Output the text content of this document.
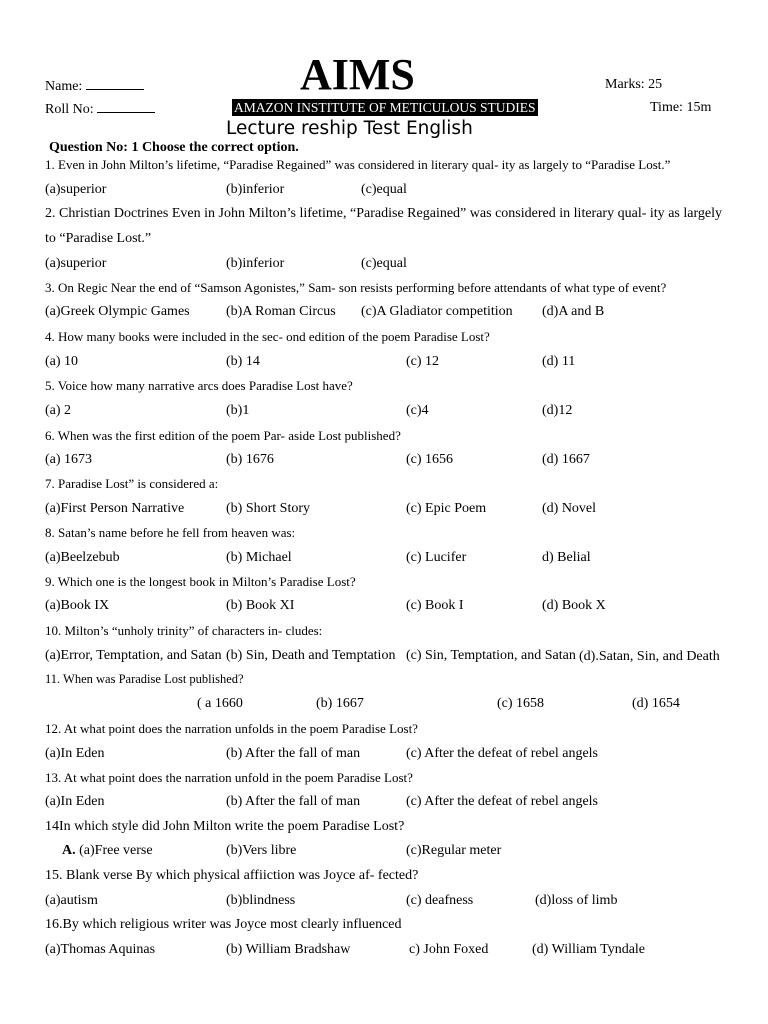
Name:
Roll No:
AIMS
AMAZON INSTITUTE OF METICULOUS STUDIES
Lecture reship Test English
Marks: 25
Time: 15m
Question No: 1 Choose the correct option.
1. Even in John Milton’s lifetime, “Paradise Regained” was considered in literary qual- ity as largely to “Paradise Lost.”
(a)superior	(b)inferior	(c)equal
2. Christian Doctrines Even in John Milton’s lifetime, “Paradise Regained” was considered in literary qual- ity as largely to “Paradise Lost.”
(a)superior	(b)inferior	(c)equal
3. On Regic Near the end of “Samson Agonistes,” Sam- son resists performing before attendants of what type of event?
(a)Greek Olympic Games	(b)A Roman Circus (c)A Gladiator competition (d)A and B
4. How many books were included in the sec- ond edition of the poem Paradise Lost?
(a) 10	(b) 14	(c) 12	(d) 11
5. Voice how many narrative arcs does Paradise Lost have?
(a) 2	(b)1	(c)4	(d)12
6. When was the first edition of the poem Par- aside Lost published?
(a) 1673	(b) 1676	(c) 1656	(d) 1667
7. Paradise Lost” is considered a:
(a)First Person Narrative	(b) Short Story	(c) Epic Poem	(d) Novel
8. Satan’s name before he fell from heaven was:
(a)Beelzebub	(b) Michael	(c) Lucifer	d) Belial
9. Which one is the longest book in Milton’s Paradise Lost?
(a)Book IX	(b) Book XI	(c) Book I	(d) Book X
10. Milton’s “unholy trinity” of characters in- cludes:
(a)Error, Temptation, and Satan (b) Sin, Death and Temptation (c) Sin, Temptation, and Satan (d).Satan, Sin, and Death
11. When was Paradise Lost published?
( a 1660	(b) 1667	(c) 1658	(d) 1654
12. At what point does the narration unfolds in the poem Paradise Lost?
(a)In Eden	(b) After the fall of man	(c) After the defeat of rebel angels
13. At what point does the narration unfold in the poem Paradise Lost?
(a)In Eden	(b) After the fall of man	(c) After the defeat of rebel angels
14In which style did John Milton write the poem Paradise Lost?
A. (a)Free verse	(b)Vers libre	(c)Regular meter
15. Blank verse By which physical affiiction was Joyce af- fected?
(a)autism	(b)blindness	(c) deafness	(d)loss of limb
16.By which religious writer was Joyce most clearly influenced
(a)Thomas Aquinas	(b) William Bradshaw	c) John Foxed	(d) William Tyndale
